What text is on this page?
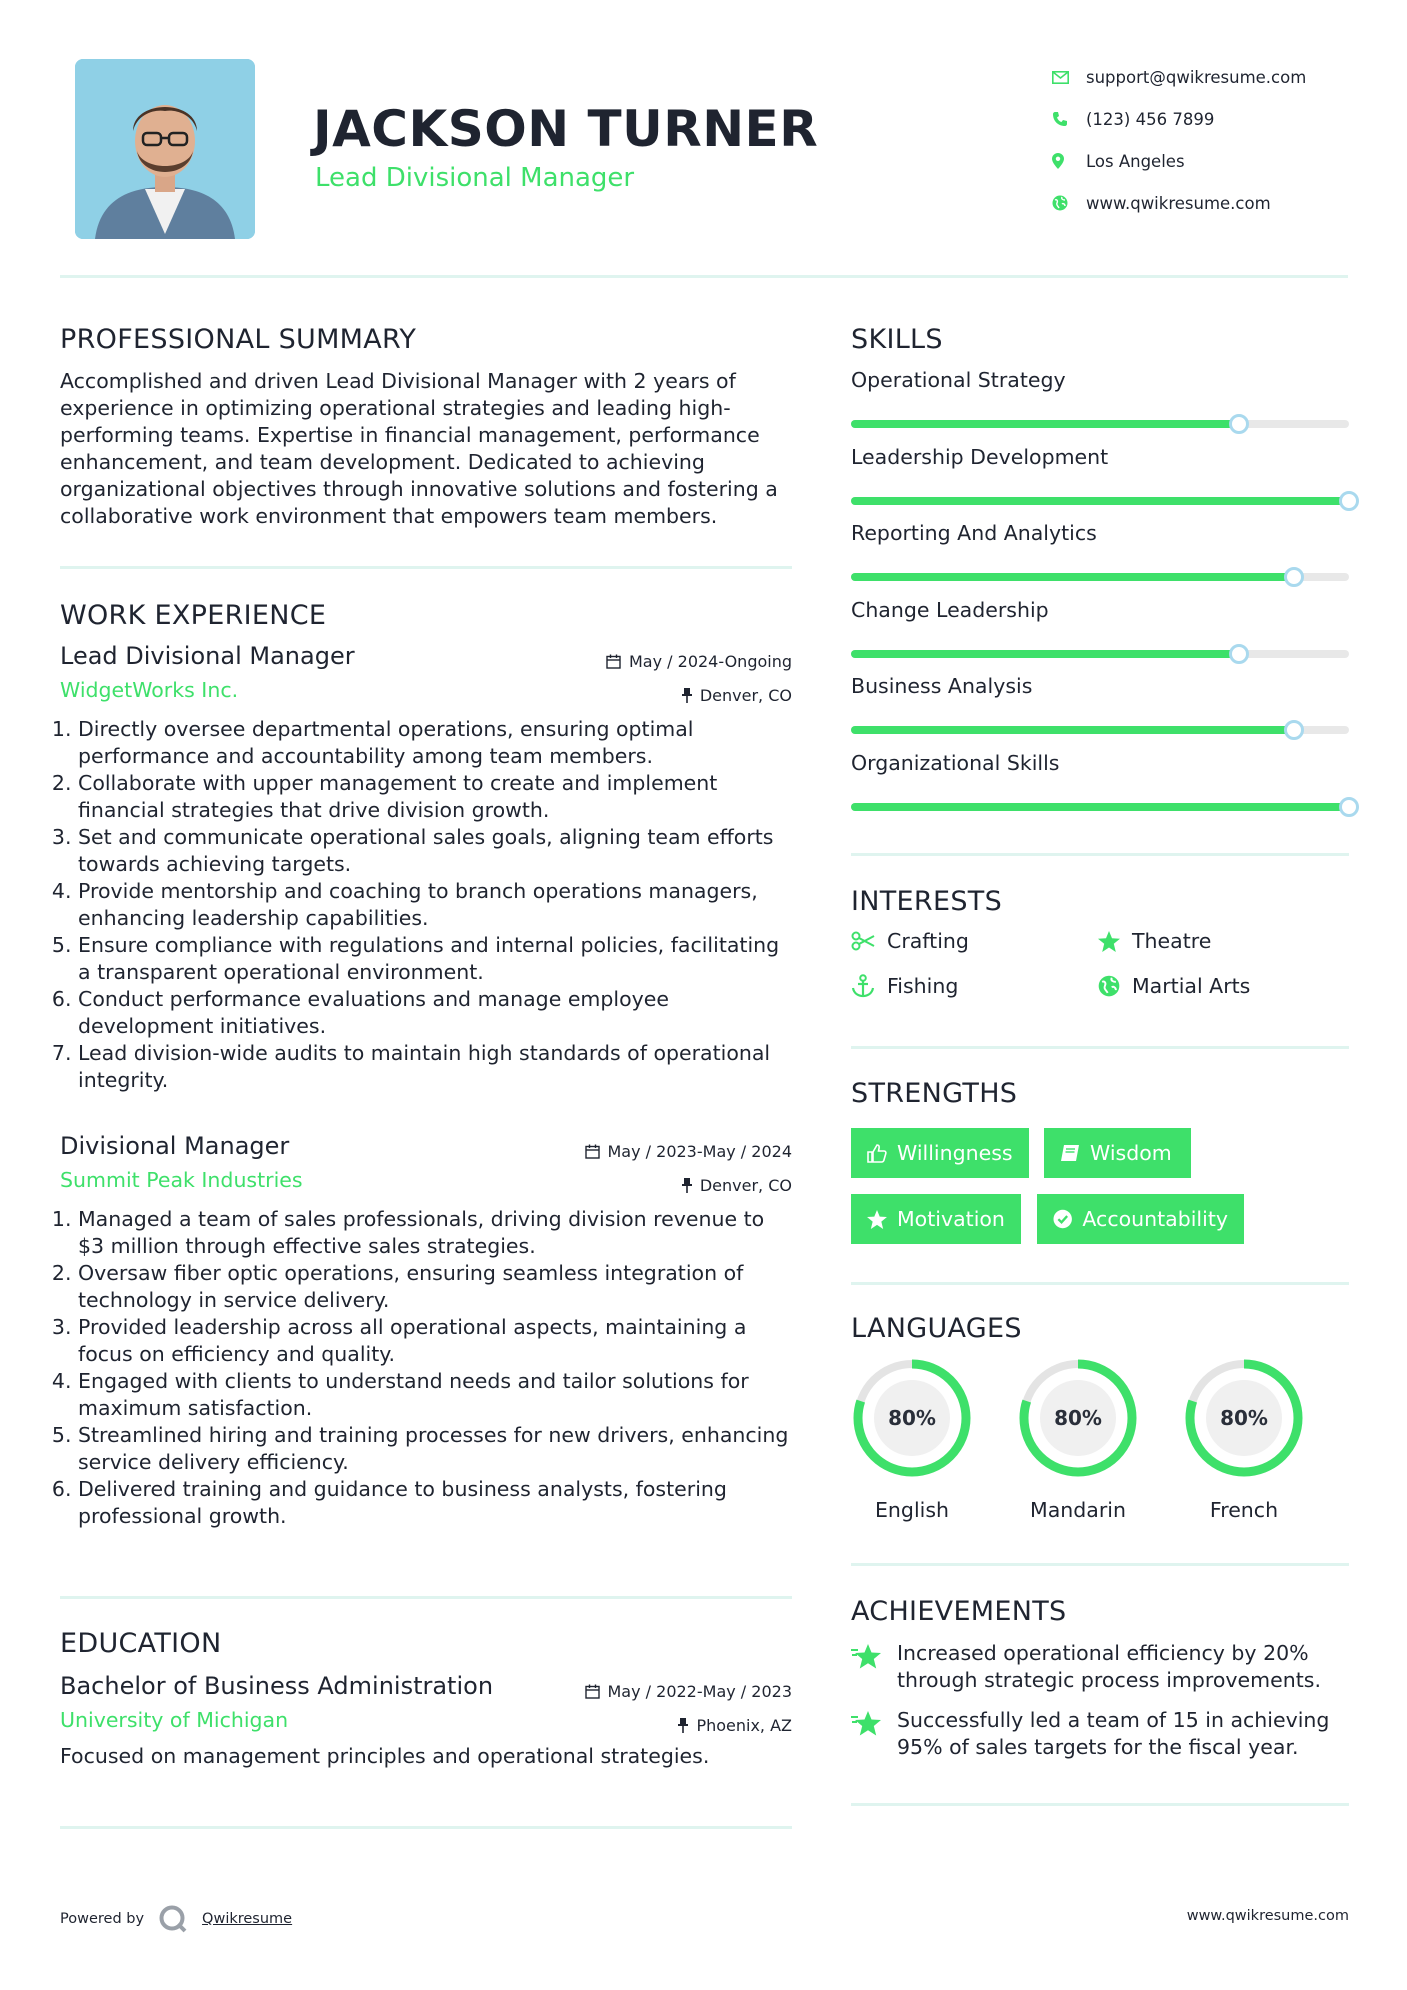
JACKSON TURNER
Lead Divisional Manager
support@qwikresume.com
(123) 456 7899
Los Angeles
www.qwikresume.com
PROFESSIONAL SUMMARY
Accomplished and driven Lead Divisional Manager with 2 years of experience in optimizing operational strategies and leading high-performing teams. Expertise in financial management, performance enhancement, and team development. Dedicated to achieving organizational objectives through innovative solutions and fostering a collaborative work environment that empowers team members.
WORK EXPERIENCE
Lead Divisional Manager	May / 2024-Ongoing
WidgetWorks Inc.	Denver, CO
1. Directly oversee departmental operations, ensuring optimal performance and accountability among team members.
2. Collaborate with upper management to create and implement financial strategies that drive division growth.
3. Set and communicate operational sales goals, aligning team efforts towards achieving targets.
4. Provide mentorship and coaching to branch operations managers, enhancing leadership capabilities.
5. Ensure compliance with regulations and internal policies, facilitating a transparent operational environment.
6. Conduct performance evaluations and manage employee development initiatives.
7. Lead division-wide audits to maintain high standards of operational integrity.
Divisional Manager	May / 2023-May / 2024
Summit Peak Industries	Denver, CO
1. Managed a team of sales professionals, driving division revenue to $3 million through effective sales strategies.
2. Oversaw fiber optic operations, ensuring seamless integration of technology in service delivery.
3. Provided leadership across all operational aspects, maintaining a focus on efficiency and quality.
4. Engaged with clients to understand needs and tailor solutions for maximum satisfaction.
5. Streamlined hiring and training processes for new drivers, enhancing service delivery efficiency.
6. Delivered training and guidance to business analysts, fostering professional growth.
EDUCATION
Bachelor of Business Administration	May / 2022-May / 2023
University of Michigan	Phoenix, AZ
Focused on management principles and operational strategies.
SKILLS
Operational Strategy
Leadership Development
Reporting And Analytics
Change Leadership
Business Analysis
Organizational Skills
INTERESTS
Crafting	Theatre
Fishing	Martial Arts
STRENGTHS
Willingness	Wisdom
Motivation	Accountability
LANGUAGES
80%
English
80%
Mandarin
80%
French
ACHIEVEMENTS
Increased operational efficiency by 20% through strategic process improvements.
Successfully led a team of 15 in achieving 95% of sales targets for the fiscal year.
Powered by	Qwikresume	www.qwikresume.com
